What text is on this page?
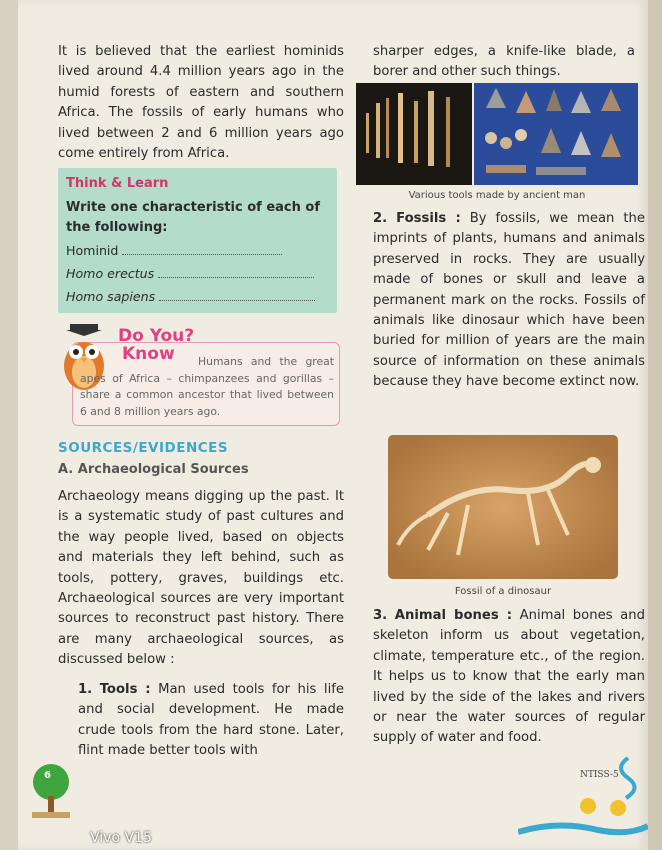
It is believed that the earliest hominids lived around 4.4 million years ago in the humid forests of eastern and southern Africa. The fossils of early humans who lived between 2 and 6 million years ago come entirely from Africa.

Think & Learn
Write one characteristic of each of the following:
Hominid
Homo erectus
Homo sapiens
Do You?
Know	Humans and the great apes of Africa – chimpanzees and gorillas – share a common ancestor that lived between 6 and 8 million years ago.
SOURCES/EVIDENCES
A. Archaeological Sources

Archaeology means digging up the past. It is a systematic study of past cultures and the way people lived, based on objects and materials they left behind, such as tools, pottery, graves, buildings etc. Archaeological sources are very important sources to reconstruct past history. There are many archaeological sources, as discussed below :

1. Tools : Man used tools for his life and social development. He made crude tools from the hard stone. Later, flint made better tools with

sharper edges, a knife-like blade, a borer and other such things.

Various tools made by ancient man
2. Fossils : By fossils, we mean the imprints of plants, humans and animals preserved in rocks. They are usually made of bones or skull and leave a permanent mark on the rocks. Fossils of animals like dinosaur which have been buried for million of years are the main source of information on these animals because they have become extinct now.
Fossil of a dinosaur
3. Animal bones : Animal bones and skeleton inform us about vegetation, climate, temperature etc., of the region. It helps us to know that the early man lived by the side of the lakes and rivers or near the water sources of regular supply of water and food.
6	NTISS-5
Vivo V15
